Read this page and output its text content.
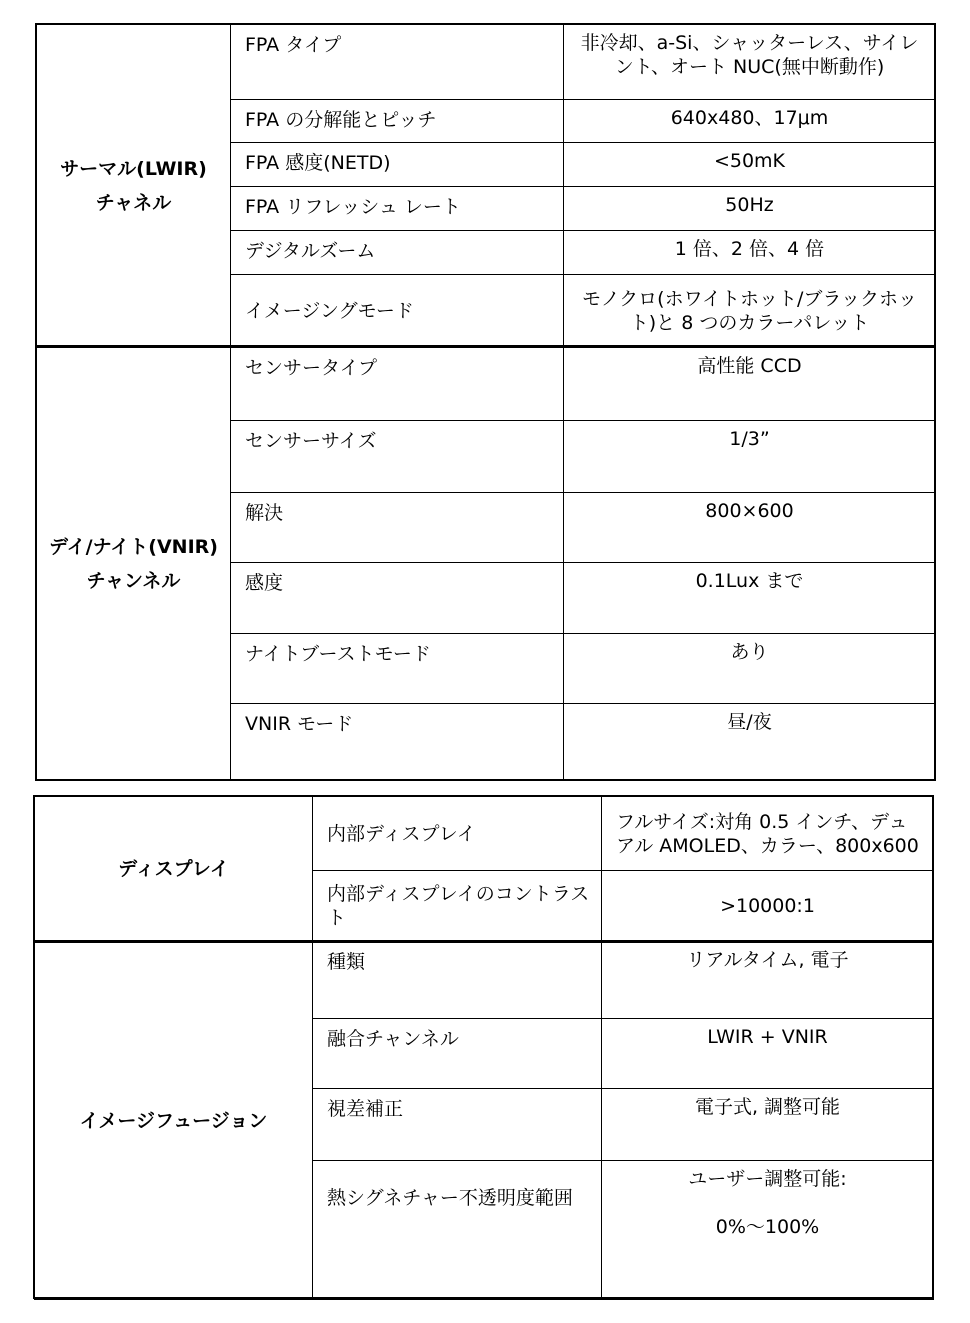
サーマル(LWIR)
チャネル	FPA タイプ	非冷却、a-Si、シャッターレス、サイレント、オート NUC(無中断動作)
	FPA の分解能とピッチ	640x480、17μm
	FPA 感度(NETD)	<50mK
	FPA リフレッシュ レート	50Hz
	デジタルズーム	1 倍、2 倍、4 倍
	イメージングモード	モノクロ(ホワイトホット/ブラックホット)と 8 つのカラーパレット
デイ/ナイト(VNIR)
チャンネル	センサータイプ	高性能 CCD
	センサーサイズ	1/3”
	解決	800×600
	感度	0.1Lux まで
	ナイトブーストモード	あり
	VNIR モード	昼/夜
ディスプレイ	内部ディスプレイ	フルサイズ:対角 0.5 インチ、デュアル AMOLED、カラー、800x600
	内部ディスプレイのコントラスト	>10000:1
イメージフュージョン	種類	リアルタイム, 電子
	融合チャンネル	LWIR + VNIR
	視差補正	電子式, 調整可能
	熱シグネチャー不透明度範囲	ユーザー調整可能:
0%〜100%
